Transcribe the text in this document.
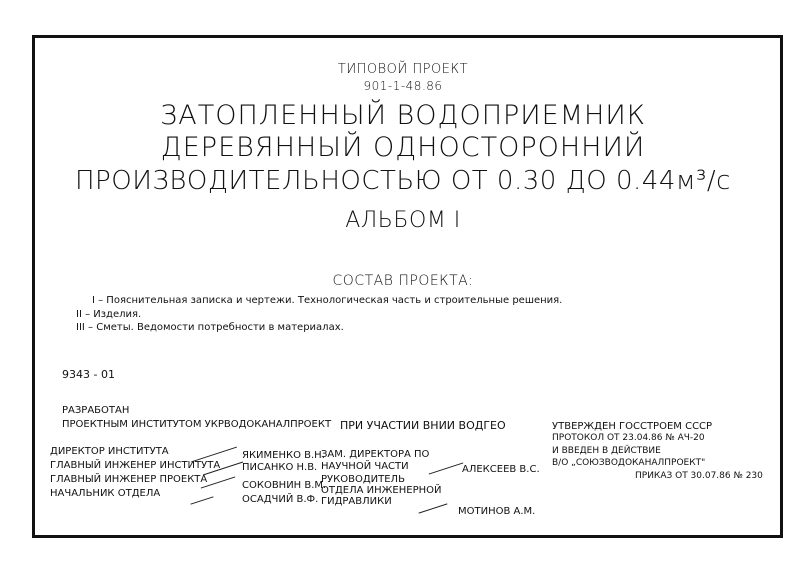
ТИПОВОЙ ПРОЕКТ
901-1-48.86
ЗАТОПЛЕННЫЙ ВОДОПРИЕМНИК
ДЕРЕВЯННЫЙ ОДНОСТОРОННИЙ
ПРОИЗВОДИТЕЛЬНОСТЬЮ ОТ 0.30 ДО 0.44м³/с
АЛЬБОМ I
СОСТАВ ПРОЕКТА:
I – Пояснительная записка и чертежи. Технологическая часть и строительные решения.
II – Изделия.
III – Сметы. Ведомости потребности в материалах.
9343 - 01
РАЗРАБОТАН
ПРОЕКТНЫМ ИНСТИТУТОМ УКРВОДОКАНАЛПРОЕКТ ПРИ УЧАСТИИ ВНИИ ВОДГЕО
ДИРЕКТОР ИНСТИТУТА
ГЛАВНЫЙ ИНЖЕНЕР ИНСТИТУТА
ГЛАВНЫЙ ИНЖЕНЕР ПРОЕКТА
НАЧАЛЬНИК ОТДЕЛА
ЯКИМЕНКО В.Н.
ПИСАНКО Н.В.
СОКОВНИН В.М.
ОСАДЧИЙ В.Ф.
ЗАМ. ДИРЕКТОРА ПО
НАУЧНОЙ ЧАСТИ	АЛЕКСЕЕВ В.С.
РУКОВОДИТЕЛЬ
ОТДЕЛА ИНЖЕНЕРНОЙ
ГИДРАВЛИКИ
МОТИНОВ А.М.
УТВЕРЖДЕН ГОССТРОЕМ СССР
ПРОТОКОЛ ОТ 23.04.86 № АЧ-20
И ВВЕДЕН В ДЕЙСТВИЕ
В/О „СОЮЗВОДОКАНАЛПРОЕКТ"
ПРИКАЗ ОТ 30.07.86 № 230
